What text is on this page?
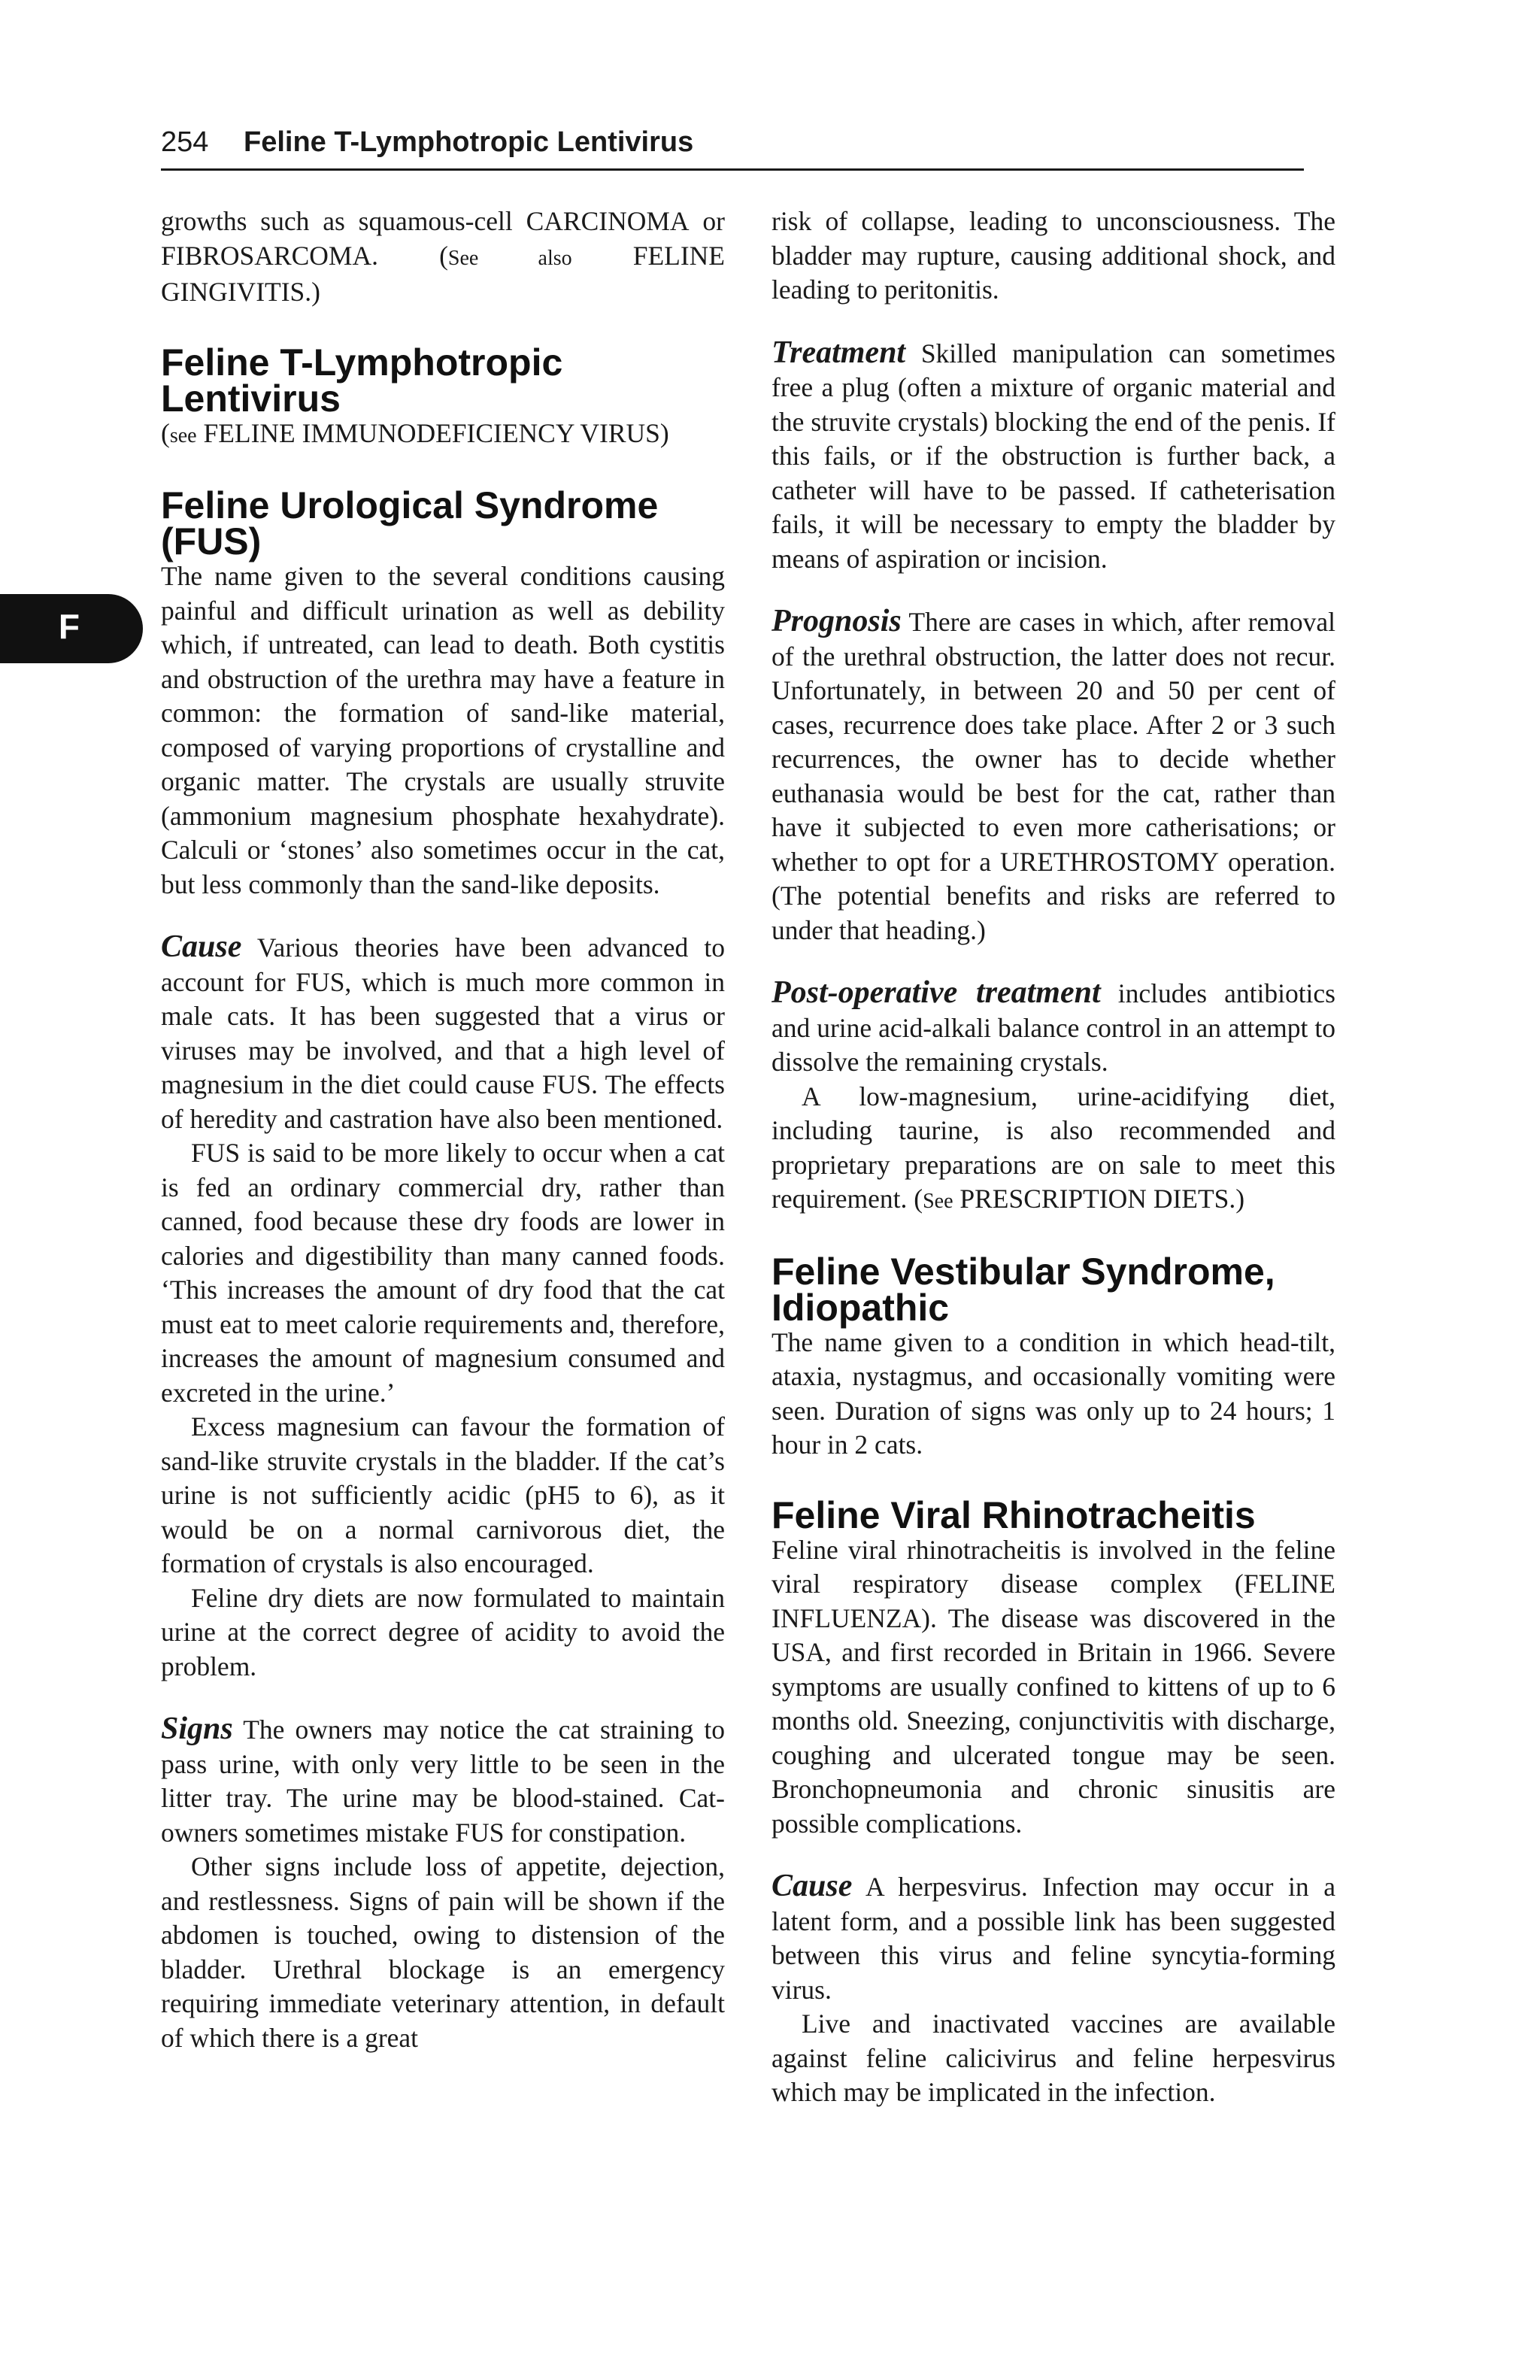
254 Feline T-Lymphotropic Lentivirus
F

growths such as squamous-cell CARCINOMA or FIBROSARCOMA. (See also FELINE GINGIVITIS.)

Feline T-Lymphotropic Lentivirus

(see FELINE IMMUNODEFICIENCY VIRUS)

Feline Urological Syndrome (FUS)

The name given to the several conditions causing painful and difficult urination as well as debility which, if untreated, can lead to death. Both cystitis and obstruction of the urethra may have a feature in common: the formation of sand-like material, composed of varying proportions of crystalline and organic matter. The crystals are usually struvite (ammonium magnesium phosphate hexahydrate). Calculi or ‘stones’ also sometimes occur in the cat, but less commonly than the sand-like deposits.

Cause Various theories have been advanced to account for FUS, which is much more common in male cats. It has been suggested that a virus or viruses may be involved, and that a high level of magnesium in the diet could cause FUS. The effects of heredity and castration have also been mentioned.

FUS is said to be more likely to occur when a cat is fed an ordinary commercial dry, rather than canned, food because these dry foods are lower in calories and digestibility than many canned foods. ‘This increases the amount of dry food that the cat must eat to meet calorie requirements and, therefore, increases the amount of magnesium consumed and excreted in the urine.’

Excess magnesium can favour the formation of sand-like struvite crystals in the bladder. If the cat’s urine is not sufficiently acidic (pH5 to 6), as it would be on a normal carnivorous diet, the formation of crystals is also encouraged.

Feline dry diets are now formulated to maintain urine at the correct degree of acidity to avoid the problem.

Signs The owners may notice the cat straining to pass urine, with only very little to be seen in the litter tray. The urine may be blood-stained. Cat-owners sometimes mistake FUS for constipation.

Other signs include loss of appetite, dejection, and restlessness. Signs of pain will be shown if the abdomen is touched, owing to distension of the bladder. Urethral blockage is an emergency requiring immediate veterinary attention, in default of which there is a great

risk of collapse, leading to unconsciousness. The bladder may rupture, causing additional shock, and leading to peritonitis.

Treatment Skilled manipulation can sometimes free a plug (often a mixture of organic material and the struvite crystals) blocking the end of the penis. If this fails, or if the obstruction is further back, a catheter will have to be passed. If catheterisation fails, it will be necessary to empty the bladder by means of aspiration or incision.

Prognosis There are cases in which, after removal of the urethral obstruction, the latter does not recur. Unfortunately, in between 20 and 50 per cent of cases, recurrence does take place. After 2 or 3 such recurrences, the owner has to decide whether euthanasia would be best for the cat, rather than have it subjected to even more catherisations; or whether to opt for a URETHROSTOMY operation. (The potential benefits and risks are referred to under that heading.)

Post-operative treatment includes antibiotics and urine acid-alkali balance control in an attempt to dissolve the remaining crystals.

A low-magnesium, urine-acidifying diet, including taurine, is also recommended and proprietary preparations are on sale to meet this requirement. (See PRESCRIPTION DIETS.)

Feline Vestibular Syndrome, Idiopathic

The name given to a condition in which head-tilt, ataxia, nystagmus, and occasionally vomiting were seen. Duration of signs was only up to 24 hours; 1 hour in 2 cats.

Feline Viral Rhinotracheitis

Feline viral rhinotracheitis is involved in the feline viral respiratory disease complex (FELINE INFLUENZA). The disease was discovered in the USA, and first recorded in Britain in 1966. Severe symptoms are usually confined to kittens of up to 6 months old. Sneezing, conjunctivitis with discharge, coughing and ulcerated tongue may be seen. Bronchopneumonia and chronic sinusitis are possible complications.

Cause A herpesvirus. Infection may occur in a latent form, and a possible link has been suggested between this virus and feline syncytia-forming virus.

Live and inactivated vaccines are available against feline calicivirus and feline herpesvirus which may be implicated in the infection.
